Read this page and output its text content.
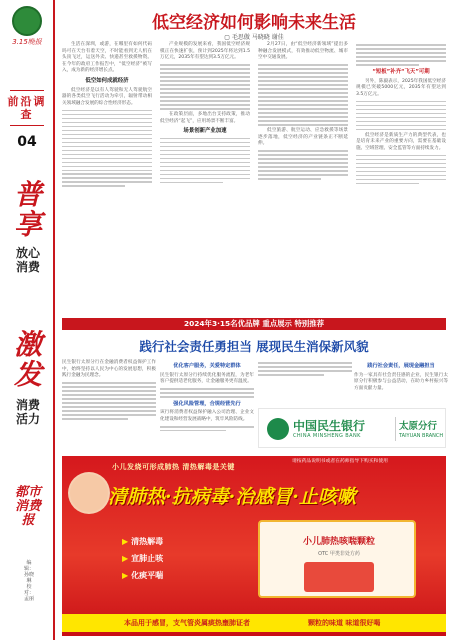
3.15晚报
前沿调查
04
普享
放心消费
激发
消费活力
都市消费报
编辑：孙晓琳 校对：孟丽
低空经济如何影响未来生活
▢ 毛思傲 马晓晓 谢佳

生活在深圳，或游，在哪里有如何代码吗可在天台有着天空，不时能看到无人机在头顶飞过，运送外卖、快递甚至救援物资。在今年的政府工作报告中，“低空经济”被写入，成为新的经济增长点。

低空如何成就经济

低空经济是以有人驾驶和无人驾驶航空器的各类低空飞行活动为牵引，辐射带动相关领域融合发展的综合性经济形态。

产业规模的发展来看，我国低空经济规模正在快速扩张，预计到2025年将达到1.5万亿元，2035年有望达到3.5万亿元。

在政策层面，多地出台支持政策，推动低空经济“起飞”，应用场景不断丰富。

场景创新产业加速

2月27日，由“低空经济新领域”提出多种融合发展模式，有效推动低空物流、城市空中交通发展。

低空旅游、航空运动、应急救援等场景逐步落地，低空经济的产业链条正不断延伸。

“短板”补齐“飞天”可期

另外，陈毅表示，2025年我国低空经济规模已突破5000亿元，2035年有望达到3.5万亿元。

低空经济是新质生产力的典型代表，也是培育未来产业的重要方向，需要在基础设施、空域管理、安全监管等方面持续发力。

2024年3·15名优品牌 重点展示 特别推荐
践行社会责任勇担当 展现民生消保新风貌

民生银行太原分行在金融消费者权益保护工作中，始终坚持以人民为中心的发展思想，积极践行金融为民理念。

优化客户服务，关爱特定群体

民生银行太原分行持续优化服务流程，为老年客户提供适老化服务，让金融服务更有温度。

强化风险管理，合规经营先行

该行将消费者权益保护融入公司治理、企业文化建设和经营发展战略中，筑牢风险防线。

践行社会责任，展现金融担当

作为一家具有社会责任感的企业，民生银行太原分行积极参与公益活动，在助力乡村振兴等方面贡献力量。

中国民生银行
CHINA MINSHENG BANK
太原分行
TAIYUAN BRANCH
小儿发烧可形成肺热 清热解毒是关键
请按药品说明书或者在药师指导下购买和使用
清肺热·抗病毒·治感冒·止咳嗽
▶ 清热解毒
▶ 宣肺止咳
▶ 化痰平喘
小儿肺热咳喘颗粒
OTC 甲类非处方药
本品用于感冒，支气管炎属痰热壅肺证者	颗粒的味道 味道很好喝
